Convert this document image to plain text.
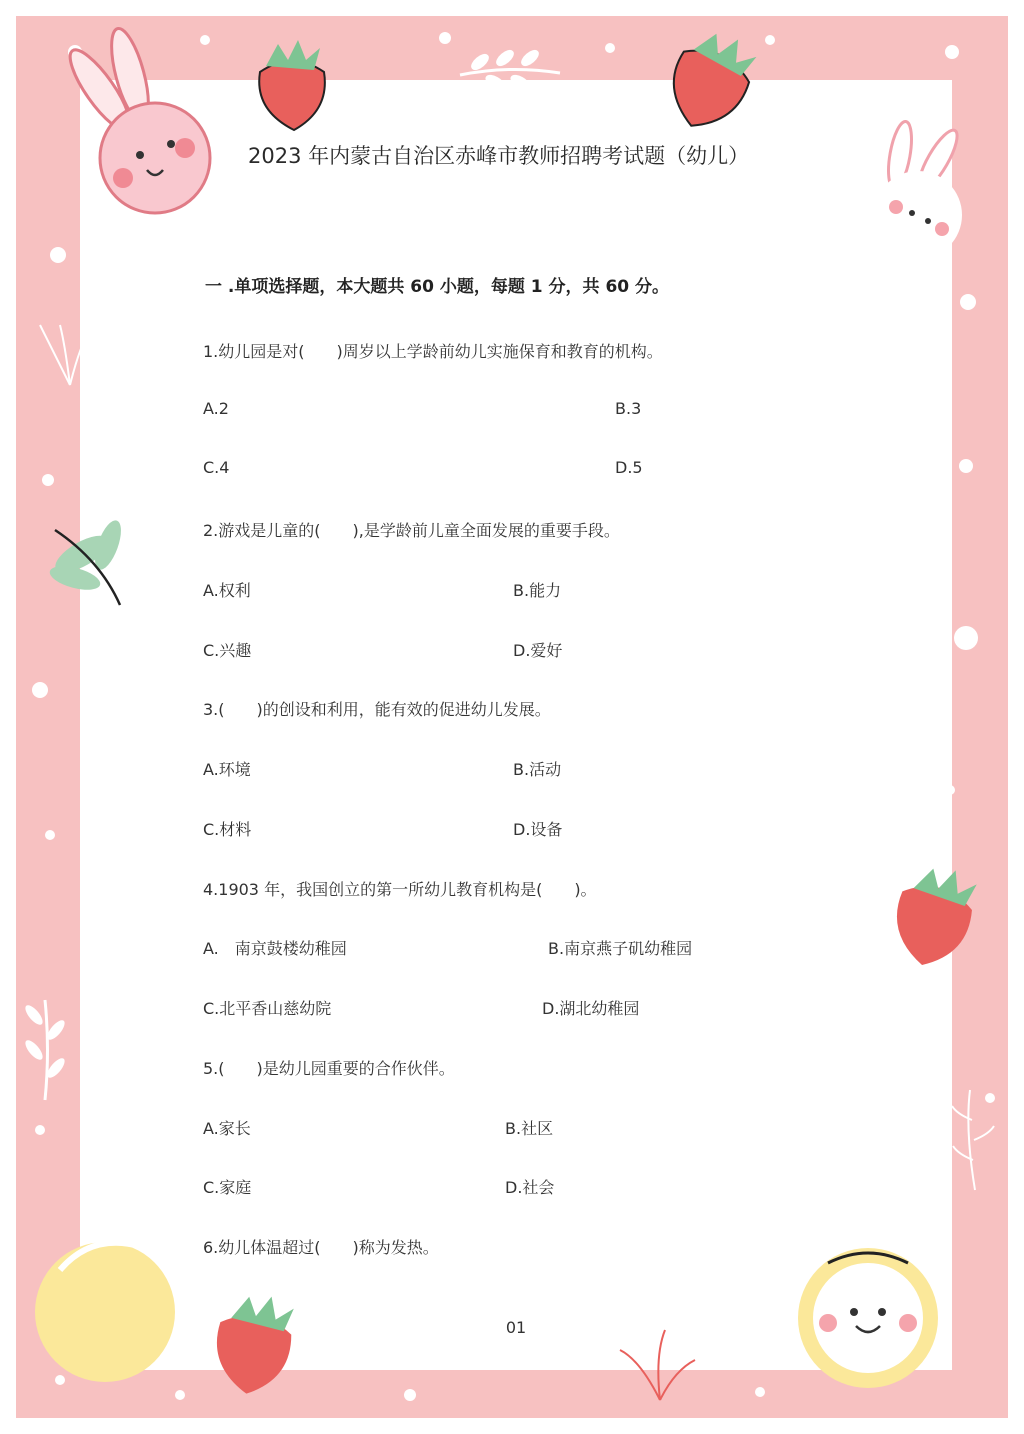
2023 年内蒙古自治区赤峰市教师招聘考试题（幼儿）
一 .单项选择题，本大题共 60 小题，每题 1 分，共 60 分。
1.幼儿园是对(　　)周岁以上学龄前幼儿实施保育和教育的机构。
A.2	B.3
C.4	D.5
2.游戏是儿童的(　　),是学龄前儿童全面发展的重要手段。
A.权利	B.能力
C.兴趣	D.爱好
3.(　　)的创设和利用，能有效的促进幼儿发展。
A.环境	B.活动
C.材料	D.设备
4.1903 年，我国创立的第一所幼儿教育机构是(　　)。
A.　南京鼓楼幼稚园	B.南京燕子矶幼稚园
C.北平香山慈幼院	D.湖北幼稚园
5.(　　)是幼儿园重要的合作伙伴。
A.家长	B.社区
C.家庭	D.社会
6.幼儿体温超过(　　)称为发热。
01
